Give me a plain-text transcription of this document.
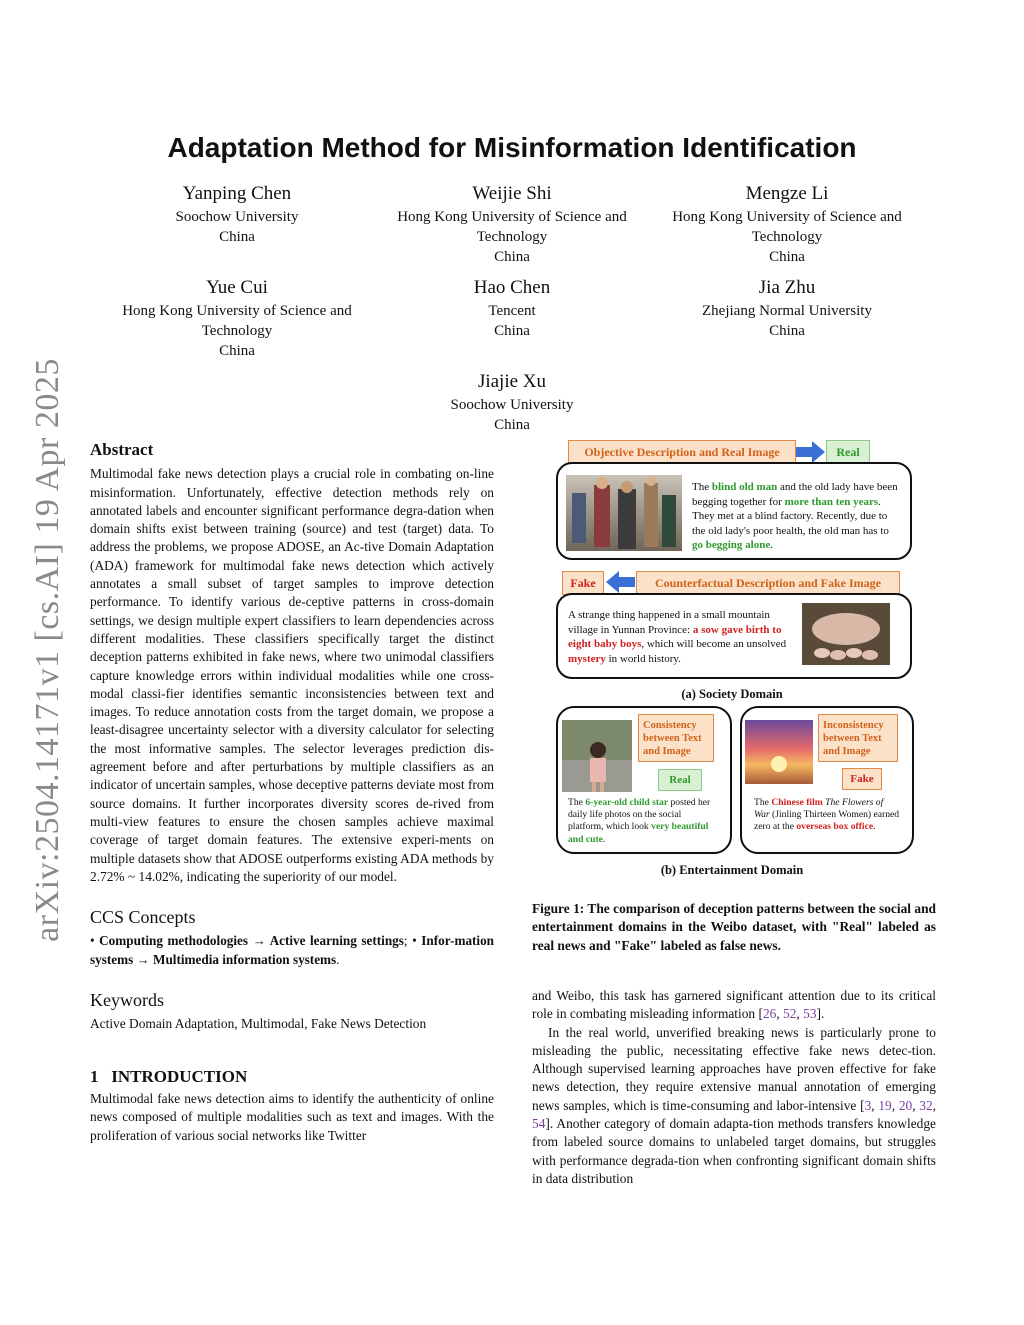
arXiv:2504.14171v1 [cs.AI] 19 Apr 2025
Adaptation Method for Misinformation Identification
Yanping Chen
Soochow University
China
Weijie Shi
Hong Kong University of Science and
Technology
China
Mengze Li
Hong Kong University of Science and
Technology
China
Yue Cui
Hong Kong University of Science and
Technology
China
Hao Chen
Tencent
China
Jia Zhu
Zhejiang Normal University
China
Jiajie Xu
Soochow University
China
Abstract

Multimodal fake news detection plays a crucial role in combating on-line misinformation. Unfortunately, effective detection methods rely on annotated labels and encounter significant performance degra-dation when domain shifts exist between training (source) and test (target) data. To address the problems, we propose ADOSE, an Ac-tive Domain Adaptation (ADA) framework for multimodal fake news detection which actively annotates a small subset of target samples to improve detection performance. To identify various de-ceptive patterns in cross-domain settings, we design multiple expert classifiers to learn dependencies across different modalities. These classifiers specifically target the distinct deception patterns exhibited in fake news, where two unimodal classifiers capture knowledge errors within individual modalities while one cross-modal classi-fier identifies semantic inconsistencies between text and images. To reduce annotation costs from the target domain, we propose a least-disagree uncertainty selector with a diversity calculator for selecting the most informative samples. The selector leverages prediction dis-agreement before and after perturbations by multiple classifiers as an indicator of uncertain samples, whose deceptive patterns deviate most from source domains. It further incorporates diversity scores de-rived from multi-view features to ensure the chosen samples achieve maximal coverage of target domain features. The extensive experi-ments on multiple datasets show that ADOSE outperforms existing ADA methods by 2.72% ~ 14.02%, indicating the superiority of our model.

CCS Concepts

• Computing methodologies → Active learning settings; • Infor-mation systems → Multimedia information systems.

Keywords

Active Domain Adaptation, Multimodal, Fake News Detection

1 INTRODUCTION

Multimodal fake news detection aims to identify the authenticity of online news composed of multiple modalities such as text and images. With the proliferation of various social networks like Twitter

Objective Description and Real Image	Real
The blind old man and the old lady have been begging together for more than ten years. They met at a blind factory. Recently, due to the old lady's poor health, the old man has to go begging alone.
Fake	Counterfactual Description and Fake Image
A strange thing happened in a small mountain village in Yunnan Province: a sow gave birth to eight baby boys, which will become an unsolved mystery in world history.
(a) Society Domain
Consistency between Text and Image
Real
The 6-year-old child star posted her daily life photos on the social platform, which look very beautiful and cute.
Inconsistency between Text and Image
Fake
The Chinese film The Flowers of War (Jinling Thirteen Women) earned zero at the overseas box office.
(b) Entertainment Domain
Figure 1: The comparison of deception patterns between the social and entertainment domains in the Weibo dataset, with "Real" labeled as real news and "Fake" labeled as false news.

and Weibo, this task has garnered significant attention due to its critical role in combating misleading information [26, 52, 53].

In the real world, unverified breaking news is particularly prone to misleading the public, necessitating effective fake news detec-tion. Although supervised learning approaches have proven effective for fake news detection, they require extensive manual annotation of emerging news samples, which is time-consuming and labor-intensive [3, 19, 20, 32, 54]. Another category of domain adapta-tion methods transfers knowledge from labeled source domains to unlabeled target domains, but struggles with performance degrada-tion when confronting significant domain shifts in data distribution
